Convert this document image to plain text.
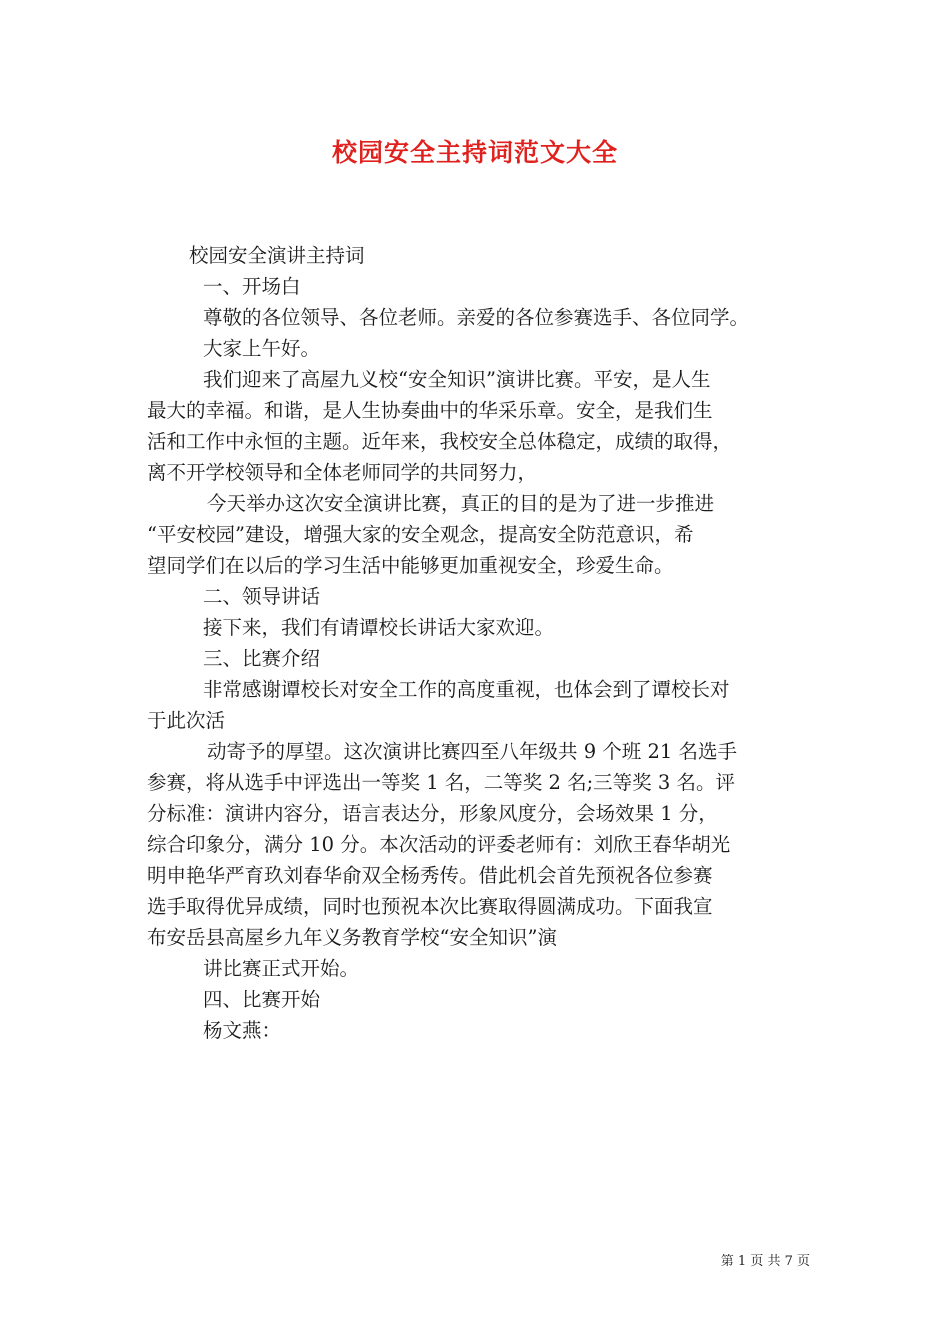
校园安全主持词范文大全
校园安全演讲主持词
一、开场白
尊敬的各位领导、各位老师。亲爱的各位参赛选手、各位同学。
大家上午好。
我们迎来了高屋九义校“安全知识”演讲比赛。平安，是人生
最大的幸福。和谐，是人生协奏曲中的华采乐章。安全，是我们生
活和工作中永恒的主题。近年来，我校安全总体稳定，成绩的取得，
离不开学校领导和全体老师同学的共同努力，
今天举办这次安全演讲比赛，真正的目的是为了进一步推进
“平安校园”建设，增强大家的安全观念，提高安全防范意识，希
望同学们在以后的学习生活中能够更加重视安全，珍爱生命。
二、领导讲话
接下来，我们有请谭校长讲话大家欢迎。
三、比赛介绍
非常感谢谭校长对安全工作的高度重视，也体会到了谭校长对
于此次活
动寄予的厚望。这次演讲比赛四至八年级共 9 个班 21 名选手
参赛，将从选手中评选出一等奖 1 名，二等奖 2 名;三等奖 3 名。评
分标准：演讲内容分，语言表达分，形象风度分，会场效果 1 分，
综合印象分，满分 10 分。本次活动的评委老师有：刘欣王春华胡光
明申艳华严育玖刘春华俞双全杨秀传。借此机会首先预祝各位参赛
选手取得优异成绩，同时也预祝本次比赛取得圆满成功。下面我宣
布安岳县高屋乡九年义务教育学校“安全知识”演
讲比赛正式开始。
四、比赛开始
杨文燕：
第 1 页 共 7 页
